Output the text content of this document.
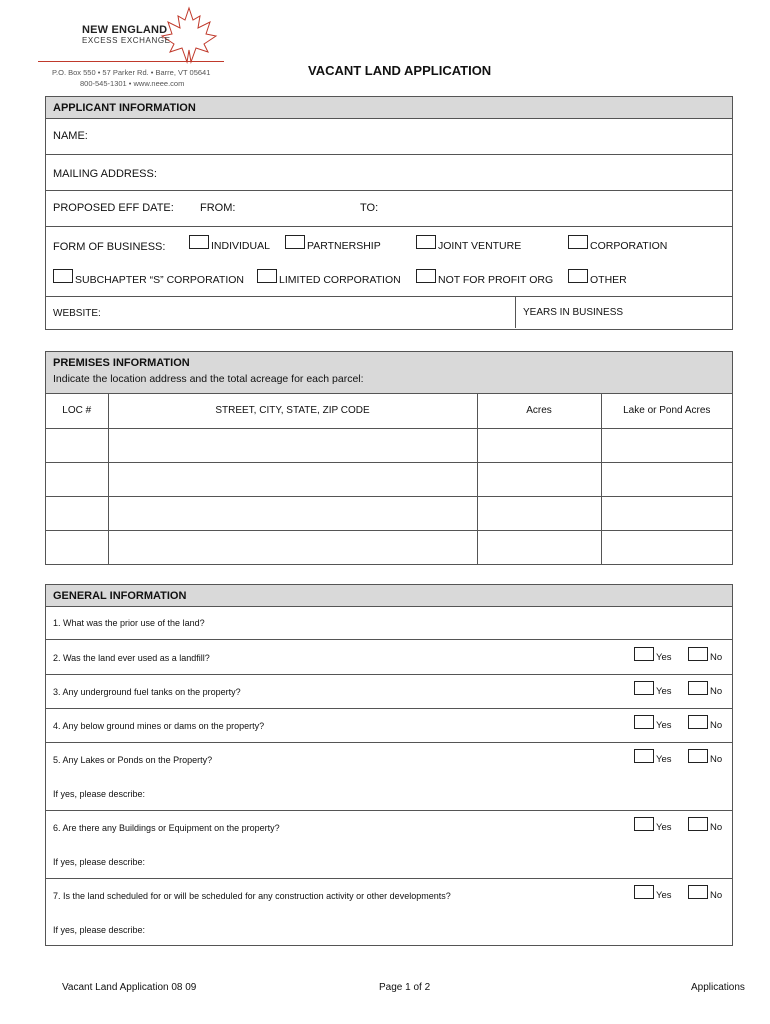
NEW ENGLAND
EXCESS EXCHANGE
P.O. Box 550 • 57 Parker Rd. • Barre, VT 05641
800-545-1301 • www.neee.com
VACANT LAND APPLICATION
APPLICANT INFORMATION
NAME:
MAILING ADDRESS:
PROPOSED EFF DATE: FROM:	TO:
FORM OF BUSINESS:	INDIVIDUAL	PARTNERSHIP	JOINT VENTURE	CORPORATION
SUBCHAPTER “S” CORPORATION	LIMITED CORPORATION	NOT FOR PROFIT ORG	OTHER
WEBSITE:	YEARS IN BUSINESS
PREMISES INFORMATION
Indicate the location address and the total acreage for each parcel:
LOC #	STREET, CITY, STATE, ZIP CODE	Acres	Lake or Pond Acres

GENERAL INFORMATION
1. What was the prior use of the land?
2. Was the land ever used as a landfill?	Yes	No
3. Any underground fuel tanks on the property?	Yes	No
4. Any below ground mines or dams on the property?	Yes	No
5. Any Lakes or Ponds on the Property?	Yes	No
If yes, please describe:
6. Are there any Buildings or Equipment on the property?	Yes	No
If yes, please describe:
7. Is the land scheduled for or will be scheduled for any construction activity or other developments?	Yes	No
If yes, please describe:
Vacant Land Application 08 09	Page 1 of 2	Applications
